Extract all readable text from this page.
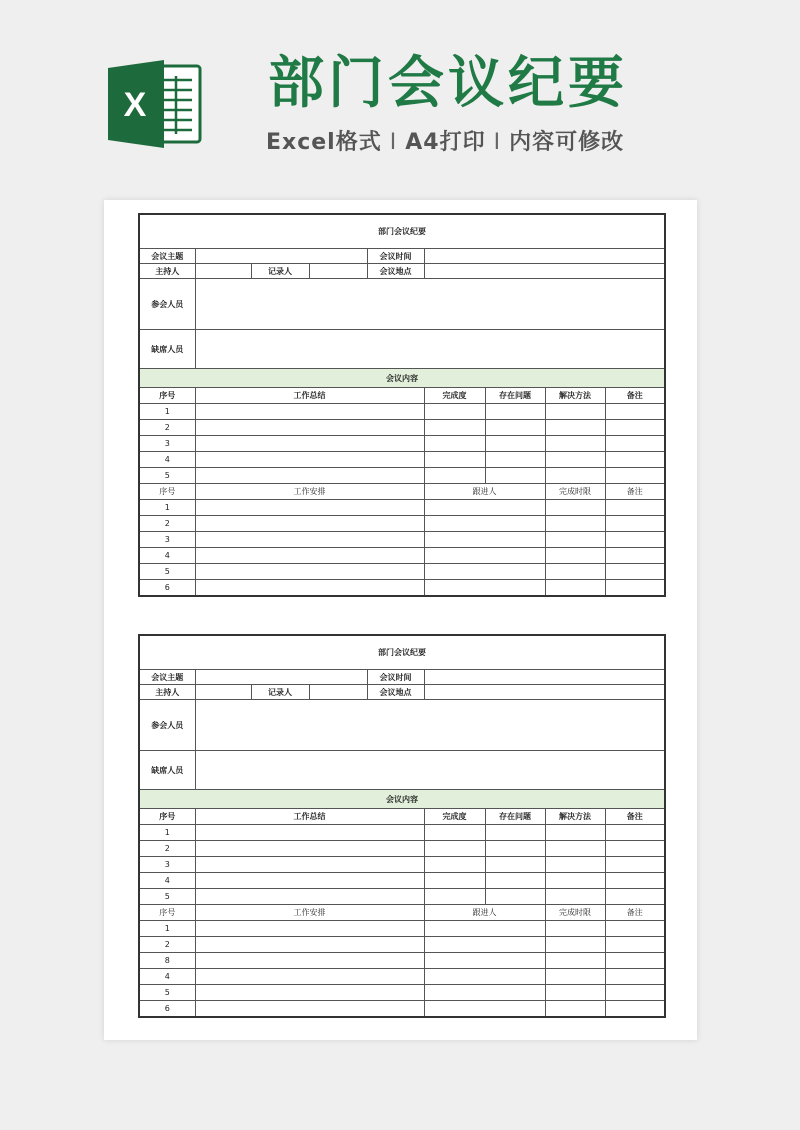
X 部门会议纪要
Excel格式 I A4打印 I 内容可修改
部门会议纪要								
会议主题				会议时间				
主持人		记录人		会议地点				
参会人员								
缺席人员								
会议内容								
序号	工作总结				完成度	存在问题	解决方法	备注
1								
2								
3								
4								
5								
序号	工作安排				跟进人		完成时限	备注
1								
2								
3								
4								
5								
6								
部门会议纪要								
会议主题				会议时间				
主持人		记录人		会议地点				
参会人员								
缺席人员								
会议内容								
序号	工作总结				完成度	存在问题	解决方法	备注
1								
2								
3								
4								
5								
序号	工作安排				跟进人		完成时限	备注
1								
2								
8								
4								
5								
6								
